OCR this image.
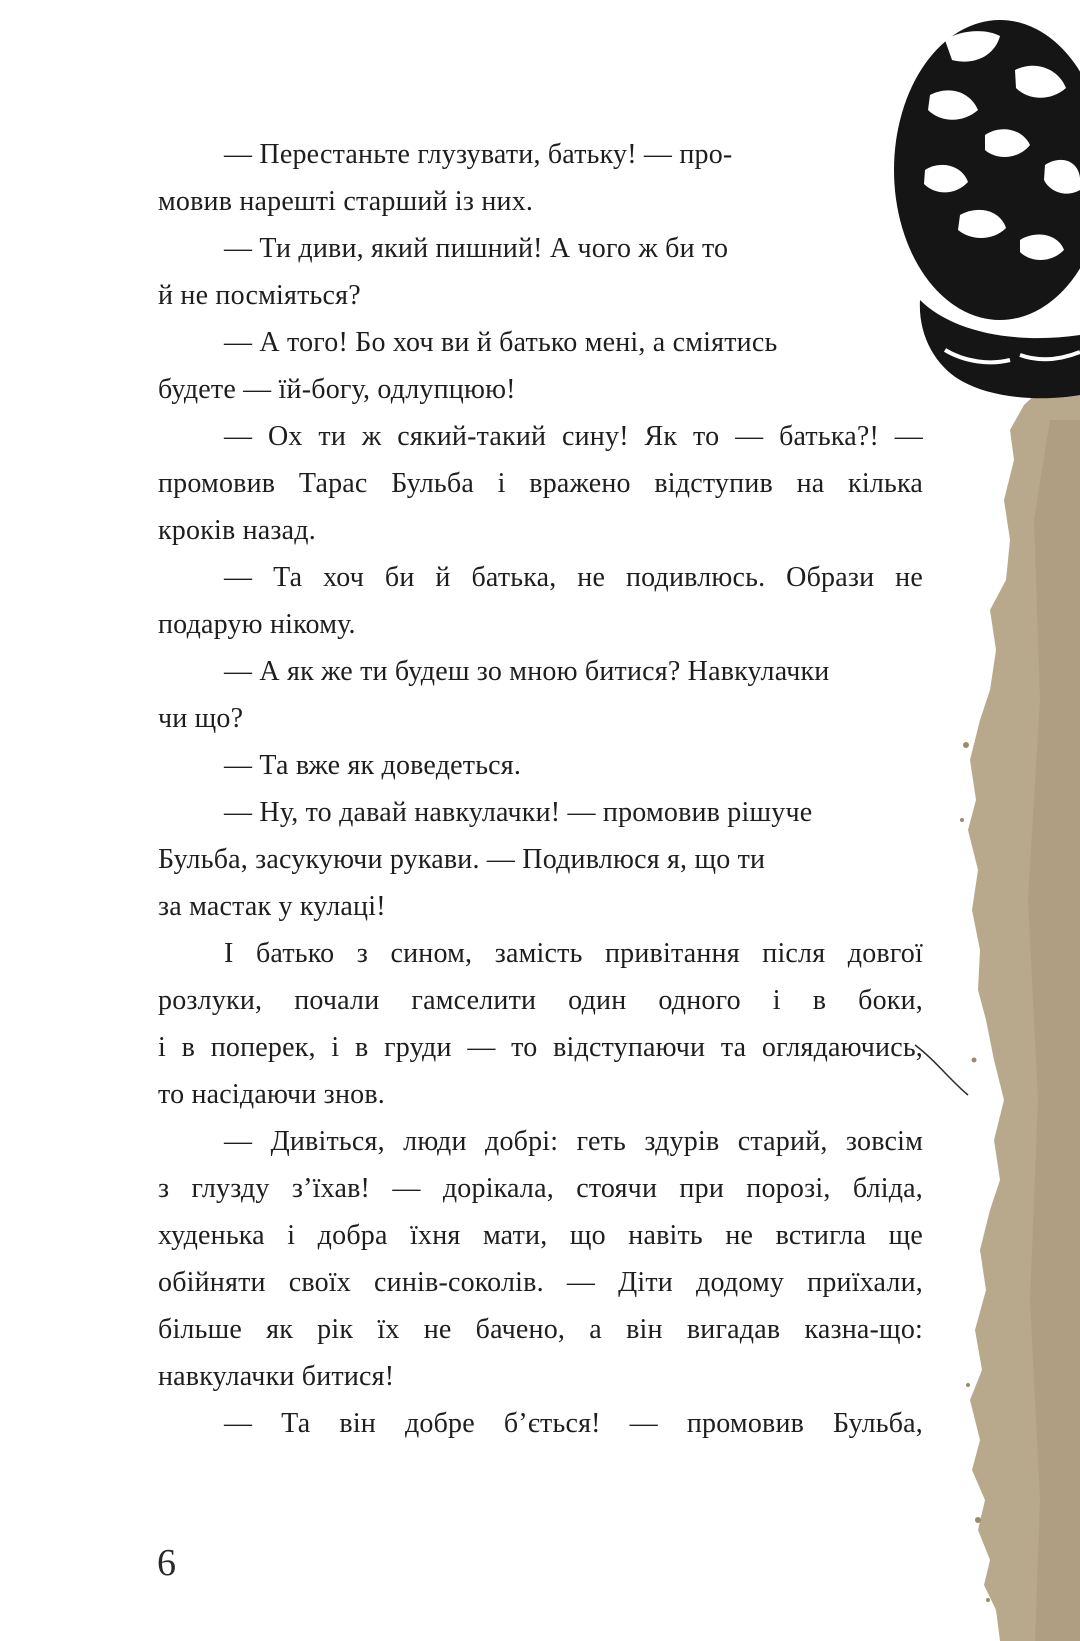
— Перестаньте глузувати, батьку! — про-
мовив нарешті старший із них.
— Ти диви, який пишний! А чого ж би то
й не посміяться?
— А того! Бо хоч ви й батько мені, а сміятись
будете — їй-богу, одлупцюю!
— Ох ти ж сякий-такий сину! Як то — батька?! —
промовив Тарас Бульба і вражено відступив на кілька
кроків назад.
— Та хоч би й батька, не подивлюсь. Образи не
подарую нікому.
— А як же ти будеш зо мною битися? Навкулачки
чи що?
— Та вже як доведеться.
— Ну, то давай навкулачки! — промовив рішуче
Бульба, засукуючи рукави. — Подивлюся я, що ти
за мастак у кулаці!
І батько з сином, замість привітання після довгої
розлуки, почали гамселити один одного і в боки,
і в поперек, і в груди — то відступаючи та оглядаючись,
то насідаючи знов.
— Дивіться, люди добрі: геть здурів старий, зовсім
з глузду з’їхав! — дорікала, стоячи при порозі, бліда,
худенька і добра їхня мати, що навіть не встигла ще
обійняти своїх синів-соколів. — Діти додому приїхали,
більше як рік їх не бачено, а він вигадав казна-що:
навкулачки битися!
— Та він добре б’ється! — промовив Бульба,
6
